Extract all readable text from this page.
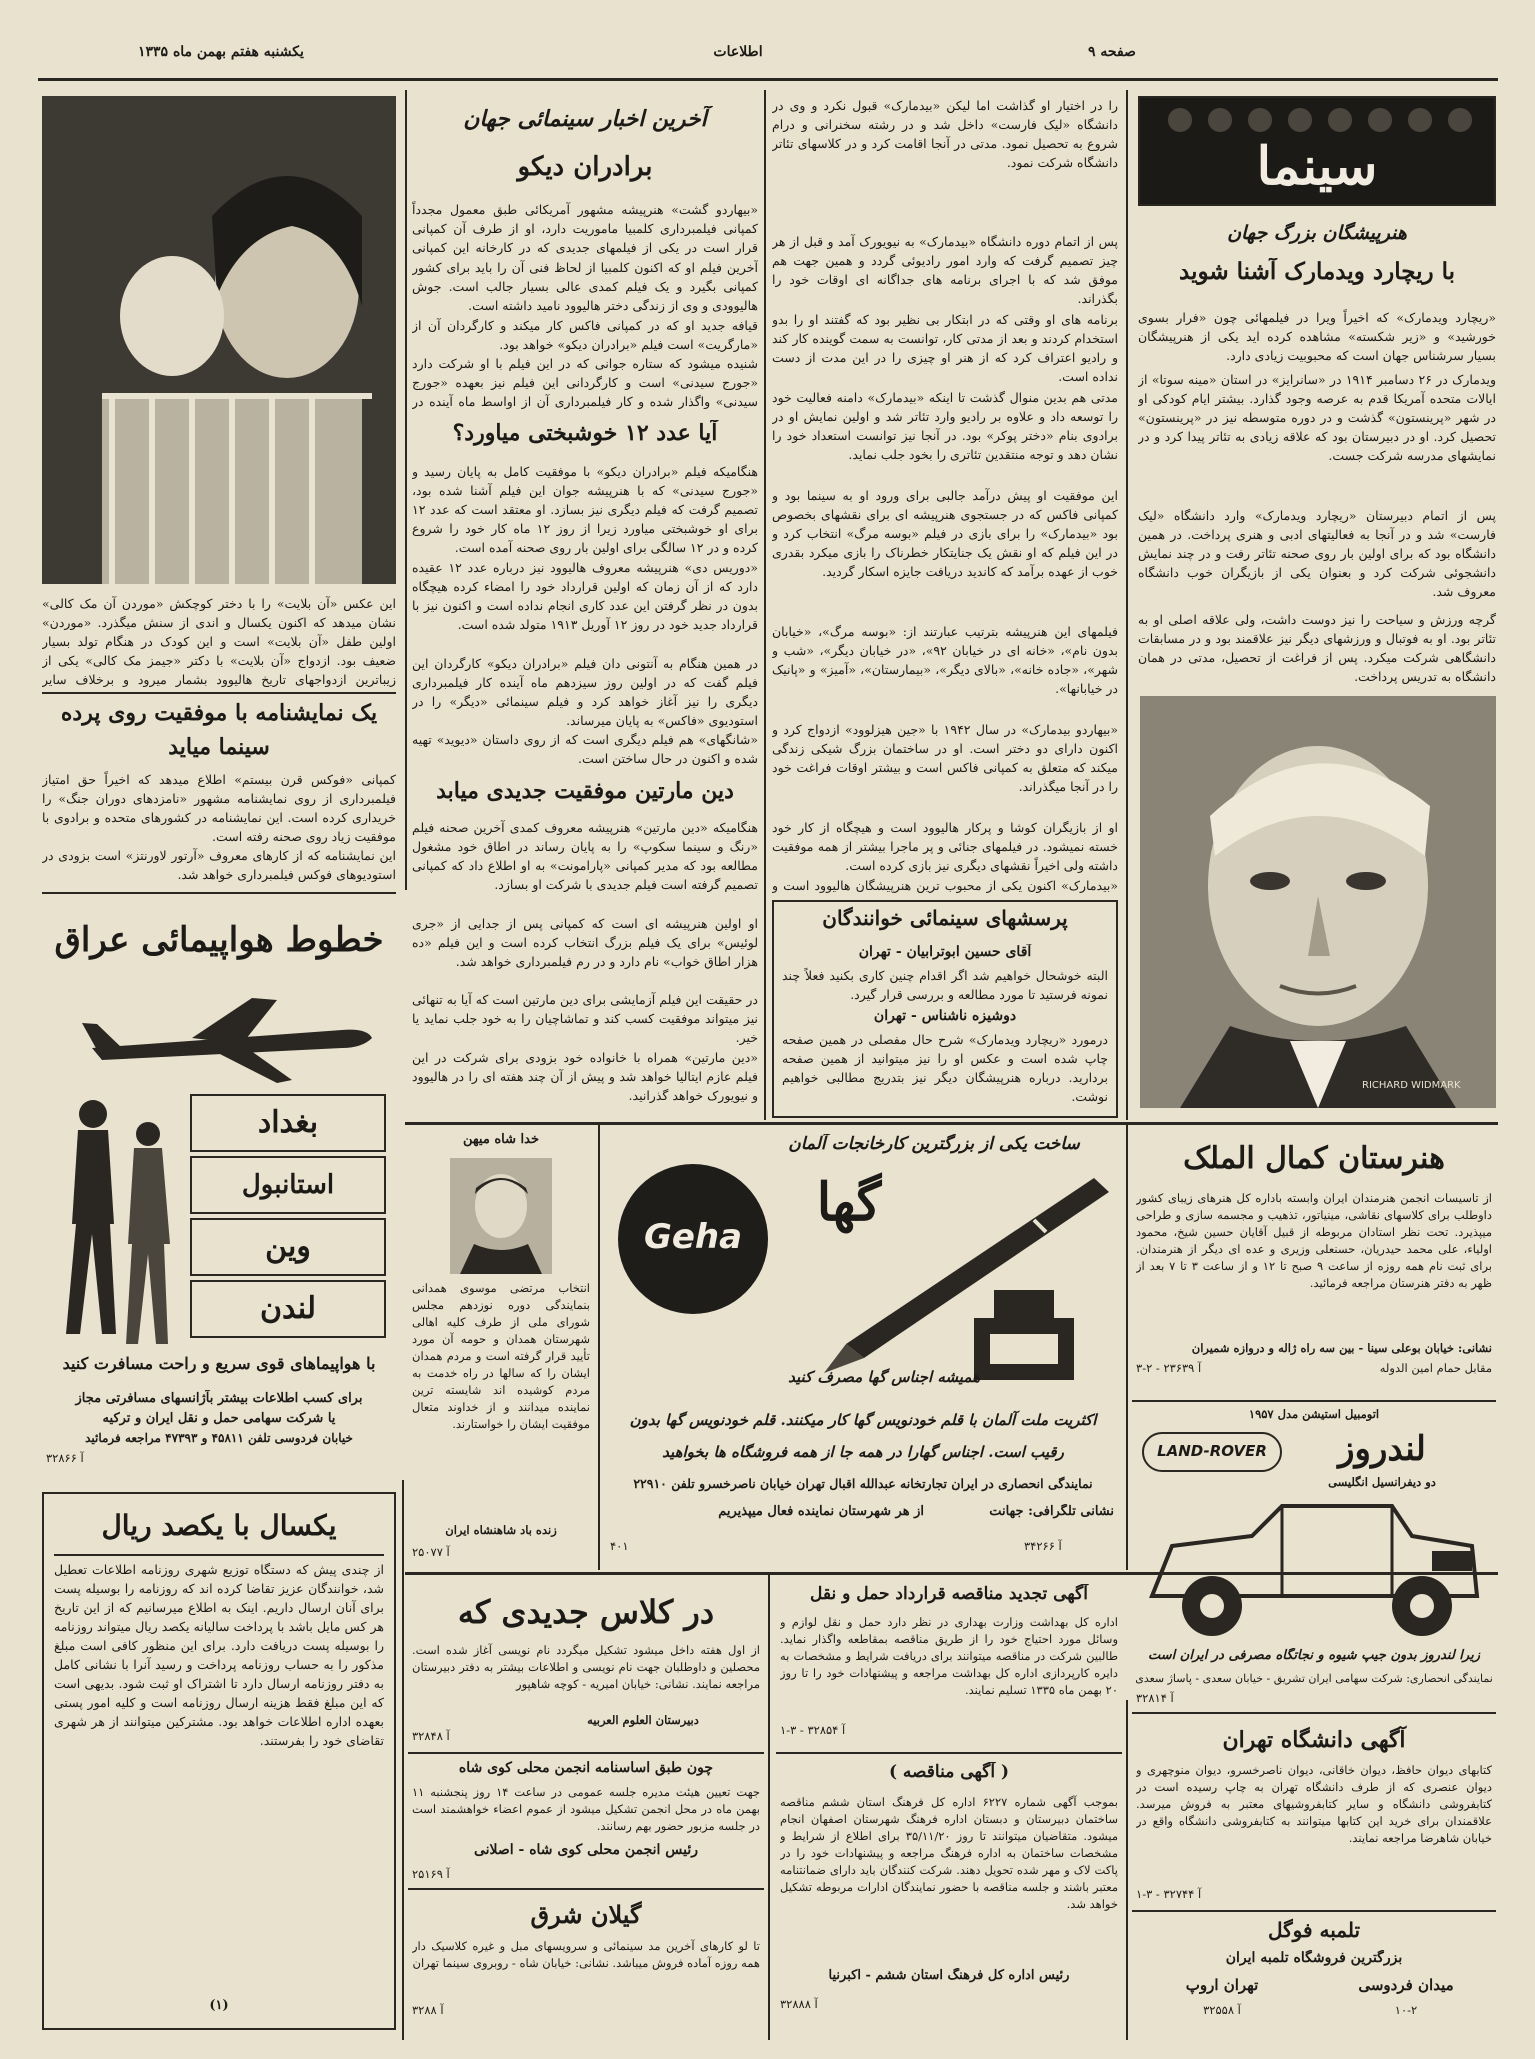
یکشنبه هفتم بهمن ماه ۱۳۳۵	اطلاعات	صفحه ۹
این عکس «آن بلایت» را با دختر کوچکش «موردن آن مک کالی» نشان میدهد که اکنون یکسال و اندی از سنش میگذرد. «موردن» اولین طفل «آن بلایت» است و این کودک در هنگام تولد بسیار ضعیف بود. ازدواج «آن بلایت» با دکتر «جیمز مک کالی» یکی از زیباترین ازدواجهای تاریخ هالیوود بشمار میرود و برخلاف سایر
یک نمایشنامه با موفقیت روی پرده سینما میاید
کمپانی «فوکس قرن بیستم» اطلاع میدهد که اخیراً حق امتیاز فیلمبرداری از روی نمایشنامه مشهور «نامزدهای دوران جنگ» را خریداری کرده است. این نمایشنامه در کشورهای متحده و برادوی با موفقیت زیاد روی صحنه رفته است.
این نمایشنامه که از کارهای معروف «آرتور لاورنتز» است بزودی در استودیوهای فوکس فیلمبرداری خواهد شد.
آخرین اخبار سینمائی جهان
برادران دیکو
«بیهاردو گشت» هنرپیشه مشهور آمریکائی طبق معمول مجدداً کمپانی فیلمبرداری کلمبیا ماموریت دارد، او از طرف آن کمپانی قرار است در یکی از فیلمهای جدیدی که در کارخانه این کمپانی
آخرین فیلم او که اکنون کلمبیا از لحاظ فنی آن را باید برای کشور کمپانی بگیرد و یک فیلم کمدی عالی بسیار جالب است. جوش هالیوودی و وی از زندگی دختر هالیوود نامید داشته است.
قیافه جدید او که در کمپانی فاکس کار میکند و کارگردان آن از «مارگریت» است فیلم «برادران دیکو» خواهد بود.
شنیده میشود که ستاره جوانی که در این فیلم با او شرکت دارد «جورج سیدنی» است و کارگردانی این فیلم نیز بعهده «جورج سیدنی» واگذار شده و کار فیلمبرداری آن از اواسط ماه آینده در
آیا عدد ۱۲ خوشبختی میاورد؟
هنگامیکه فیلم «برادران دیکو» با موفقیت کامل به پایان رسید و «جورج سیدنی» که با هنرپیشه جوان این فیلم آشنا شده بود، تصمیم گرفت که فیلم دیگری نیز بسازد. او معتقد است که عدد ۱۲ برای او خوشبختی میاورد زیرا از روز ۱۲ ماه کار خود را شروع کرده و در ۱۲ سالگی برای اولین بار روی صحنه آمده است.
«دوریس دی» هنرپیشه معروف هالیوود نیز درباره عدد ۱۲ عقیده دارد که از آن زمان که اولین قرارداد خود را امضاء کرده هیچگاه بدون در نظر گرفتن این عدد کاری انجام نداده است و اکنون نیز با قرارداد جدید خود در روز ۱۲ آوریل ۱۹۱۳ متولد شده است.
در همین هنگام به آنتونی دان فیلم «برادران دیکو» کارگردان این فیلم گفت که در اولین روز سیزدهم ماه آینده کار فیلمبرداری دیگری را نیز آغاز خواهد کرد و فیلم سینمائی «دیگر» را در استودیوی «فاکس» به پایان میرساند.
«شانگهای» هم فیلم دیگری است که از روی داستان «دیوید» تهیه شده و اکنون در حال ساختن است.
دین مارتین موفقیت جدیدی میابد
هنگامیکه «دین مارتین» هنرپیشه معروف کمدی آخرین صحنه فیلم «رنگ و سینما سکوپ» را به پایان رساند در اطاق خود مشغول مطالعه بود که مدیر کمپانی «پارامونت» به او اطلاع داد که کمپانی تصمیم گرفته است فیلم جدیدی با شرکت او بسازد.
او اولین هنرپیشه ای است که کمپانی پس از جدایی از «جری لوئیس» برای یک فیلم بزرگ انتخاب کرده است و این فیلم «ده هزار اطاق خواب» نام دارد و در رم فیلمبرداری خواهد شد.
در حقیقت این فیلم آزمایشی برای دین مارتین است که آیا به تنهائی نیز میتواند موفقیت کسب کند و تماشاچیان را به خود جلب نماید یا خیر.
«دین مارتین» همراه با خانواده خود بزودی برای شرکت در این فیلم عازم ایتالیا خواهد شد و پیش از آن چند هفته ای را در هالیوود و نیویورک خواهد گذرانید.
را در اختیار او گذاشت اما لیکن «بیدمارک» قبول نکرد و وی در دانشگاه «لیک فارست» داخل شد و در رشته سخنرانی و درام شروع به تحصیل نمود. مدتی در آنجا اقامت کرد و در کلاسهای تئاتر دانشگاه شرکت نمود.
پس از اتمام دوره دانشگاه «بیدمارک» به نیویورک آمد و قبل از هر چیز تصمیم گرفت که وارد امور رادیوئی گردد و همین جهت هم موفق شد که با اجرای برنامه های جداگانه ای اوقات خود را بگذراند.
برنامه های او وقتی که در ابتکار بی نظیر بود که گفتند او را بدو استخدام کردند و بعد از مدتی کار، توانست به سمت گوینده کار کند و رادیو اعتراف کرد که از هنر او چیزی را در این مدت از دست نداده است.
مدتی هم بدین منوال گذشت تا اینکه «بیدمارک» دامنه فعالیت خود را توسعه داد و علاوه بر رادیو وارد تئاتر شد و اولین نمایش او در برادوی بنام «دختر پوکر» بود. در آنجا نیز توانست استعداد خود را نشان دهد و توجه منتقدین تئاتری را بخود جلب نماید.
این موفقیت او پیش درآمد جالبی برای ورود او به سینما بود و کمپانی فاکس که در جستجوی هنرپیشه ای برای نقشهای بخصوص بود «بیدمارک» را برای بازی در فیلم «بوسه مرگ» انتخاب کرد و در این فیلم که او نقش یک جنایتکار خطرناک را بازی میکرد بقدری خوب از عهده برآمد که کاندید دریافت جایزه اسکار گردید.
فیلمهای این هنرپیشه بترتیب عبارتند از: «بوسه مرگ»، «خیابان بدون نام»، «خانه ای در خیابان ۹۲»، «در خیابان دیگر»، «شب و شهر»، «جاده خانه»، «بالای دیگر»، «بیمارستان»، «آمیز» و «پانیک در خیابانها».
«بیهاردو بیدمارک» در سال ۱۹۴۲ با «جین هیزلوود» ازدواج کرد و اکنون دارای دو دختر است. او در ساختمان بزرگ شیکی زندگی میکند که متعلق به کمپانی فاکس است و بیشتر اوقات فراغت خود را در آنجا میگذراند.
او از بازیگران کوشا و پرکار هالیوود است و هیچگاه از کار خود خسته نمیشود. در فیلمهای جنائی و پر ماجرا بیشتر از همه موفقیت داشته ولی اخیراً نقشهای دیگری نیز بازی کرده است.
«بیدمارک» اکنون یکی از محبوب ترین هنرپیشگان هالیوود است و
پرسشهای سینمائی خوانندگان
آقای حسین ابوترابیان - تهران
البته خوشحال خواهیم شد اگر اقدام چنین کاری بکنید فعلاً چند نمونه فرستید تا مورد مطالعه و بررسی قرار گیرد.
دوشیزه ناشناس - تهران
درمورد «ریچارد ویدمارک» شرح حال مفصلی در همین صفحه چاپ شده است و عکس او را نیز میتوانید از همین صفحه بردارید. درباره هنرپیشگان دیگر نیز بتدریج مطالبی خواهیم نوشت.
سینما
هنرپیشگان بزرگ جهان
با ریچارد ویدمارک آشنا شوید
«ریچارد ویدمارک» که اخیراً ویرا در فیلمهائی چون «فرار بسوی خورشید» و «زیر شکسته» مشاهده کرده اید یکی از هنرپیشگان بسیار سرشناس جهان است که محبوبیت زیادی دارد.
ویدمارک در ۲۶ دسامبر ۱۹۱۴ در «سانرایز» در استان «مینه سوتا» از ایالات متحده آمریکا قدم به عرصه وجود گذارد. بیشتر ایام کودکی او در شهر «پرینستون» گذشت و در دوره متوسطه نیز در «پرینستون» تحصیل کرد. او در دبیرستان بود که علاقه زیادی به تئاتر پیدا کرد و در نمایشهای مدرسه شرکت جست.
پس از اتمام دبیرستان «ریچارد ویدمارک» وارد دانشگاه «لیک فارست» شد و در آنجا به فعالیتهای ادبی و هنری پرداخت. در همین دانشگاه بود که برای اولین بار روی صحنه تئاتر رفت و در چند نمایش دانشجوئی شرکت کرد و بعنوان یکی از بازیگران خوب دانشگاه معروف شد.
گرچه ورزش و سیاحت را نیز دوست داشت، ولی علاقه اصلی او به تئاتر بود. او به فوتبال و ورزشهای دیگر نیز علاقمند بود و در مسابقات دانشگاهی شرکت میکرد. پس از فراغت از تحصیل، مدتی در همان دانشگاه به تدریس پرداخت.
RICHARD WIDMARK
خطوط هواپیمائی عراق
بغداد
استانبول
وین
لندن
با هواپیماهای قوی سریع و راحت مسافرت کنید
برای کسب اطلاعات بیشتر بآژانسهای مسافرتی مجاز
یا شرکت سهامی حمل و نقل ایران و ترکیه
خیابان فردوسی تلفن ۴۵۸۱۱ و ۴۷۳۹۳ مراجعه فرمائید
آ ۳۲۸۶۶
خدا شاه میهن
انتخاب مرتضی موسوی همدانی بنمایندگی دوره نوزدهم مجلس شورای ملی از طرف کلیه اهالی شهرستان همدان و حومه آن مورد تأیید قرار گرفته است و مردم همدان ایشان را که سالها در راه خدمت به مردم کوشیده اند شایسته ترین نماینده میدانند و از خداوند متعال موفقیت ایشان را خواستارند.
زنده باد شاهنشاه ایران
آ ۲۵۰۷۷
ساخت یکی از بزرگترین کارخانجات آلمان
Geha
گها
همیشه اجناس گها مصرف کنید
اکثریت ملت آلمان با قلم خودنویس گها کار میکنند. قلم خودنویس گها بدون
رقیب است. اجناس گهارا در همه جا از همه فروشگاه ها بخواهید
نمایندگی انحصاری در ایران تجارتخانه عبدالله اقبال تهران خیابان ناصرخسرو تلفن ۲۲۹۱۰
نشانی تلگرافی: جهانت
از هر شهرستان نماینده فعال میپذیریم
۴۰۱	آ ۳۴۲۶۶
هنرستان کمال الملک
از تاسیسات انجمن هنرمندان ایران وابسته باداره کل هنرهای زیبای کشور داوطلب برای کلاسهای نقاشی، مینیاتور، تذهیب و مجسمه سازی و طراحی میپذیرد. تحت نظر استادان مربوطه از قبیل آقایان حسین شیخ، محمود اولیاء، علی محمد حیدریان، حسنعلی وزیری و عده ای دیگر از هنرمندان. برای ثبت نام همه روزه از ساعت ۹ صبح تا ۱۲ و از ساعت ۳ تا ۷ بعد از ظهر به دفتر هنرستان مراجعه فرمائید.
نشانی: خیابان بوعلی سینا - بین سه راه ژاله و دروازه شمیران
مقابل حمام امین الدوله
آ ۲۳۶۳۹ - ۲-۳
اتومبیل استیشن مدل ۱۹۵۷
لندروز
LAND-ROVER
دو دیفرانسیل انگلیسی
زیرا لندروز بدون جیپ شیوه و نجاتگاه مصرفی در ایران است
نمایندگی انحصاری: شرکت سهامی ایران تشریق - خیابان سعدی - پاساژ سعدی
آ ۳۲۸۱۴
یکسال با یکصد ریال
از چندی پیش که دستگاه توزیع شهری روزنامه اطلاعات تعطیل شد، خوانندگان عزیز تقاضا کرده اند که روزنامه را بوسیله پست برای آنان ارسال داریم. اینک به اطلاع میرسانیم که از این تاریخ هر کس مایل باشد با پرداخت سالیانه یکصد ریال میتواند روزنامه را بوسیله پست دریافت دارد. برای این منظور کافی است مبلغ مذکور را به حساب روزنامه پرداخت و رسید آنرا با نشانی کامل به دفتر روزنامه ارسال دارد تا اشتراک او ثبت شود. بدیهی است که این مبلغ فقط هزینه ارسال روزنامه است و کلیه امور پستی بعهده اداره اطلاعات خواهد بود. مشترکین میتوانند از هر شهری تقاضای خود را بفرستند.
(۱)
در کلاس جدیدی که
از اول هفته داخل میشود تشکیل میگردد نام نویسی آغاز شده است. محصلین و داوطلبان جهت نام نویسی و اطلاعات بیشتر به دفتر دبیرستان مراجعه نمایند. نشانی: خیابان امیریه - کوچه شاهپور
دبیرستان العلوم العربیه
آ ۳۲۸۴۸
چون طبق اساسنامه انجمن محلی کوی شاه
جهت تعیین هیئت مدیره جلسه عمومی در ساعت ۱۴ روز پنجشنبه ۱۱ بهمن ماه در محل انجمن تشکیل میشود از عموم اعضاء خواهشمند است در جلسه مزبور حضور بهم رسانند.
رئیس انجمن محلی کوی شاه - اصلانی
آ ۲۵۱۶۹
گیلان شرق
تا لو کارهای آخرین مد سینمائی و سرویسهای مبل و غیره کلاسیک دار همه روزه آماده فروش میباشد. نشانی: خیابان شاه - روبروی سینما تهران
آ ۳۲۸۸
آگهی تجدید مناقصه قرارداد حمل و نقل
اداره کل بهداشت وزارت بهداری در نظر دارد حمل و نقل لوازم و وسائل مورد احتیاج خود را از طریق مناقصه بمقاطعه واگذار نماید. طالبین شرکت در مناقصه میتوانند برای دریافت شرایط و مشخصات به دایره کارپردازی اداره کل بهداشت مراجعه و پیشنهادات خود را تا روز ۲۰ بهمن ماه ۱۳۳۵ تسلیم نمایند.
آ ۳۲۸۵۴ - ۳-۱
( آگهی مناقصه )
بموجب آگهی شماره ۶۲۲۷ اداره کل فرهنگ استان ششم مناقصه ساختمان دبیرستان و دبستان اداره فرهنگ شهرستان اصفهان انجام میشود. متقاضیان میتوانند تا روز ۳۵/۱۱/۲۰ برای اطلاع از شرایط و مشخصات ساختمان به اداره فرهنگ مراجعه و پیشنهادات خود را در پاکت لاک و مهر شده تحویل دهند. شرکت کنندگان باید دارای ضمانتنامه معتبر باشند و جلسه مناقصه با حضور نمایندگان ادارات مربوطه تشکیل خواهد شد.
رئیس اداره کل فرهنگ استان ششم - اکبرنیا
آ ۳۲۸۸۸
آگهی دانشگاه تهران
کتابهای دیوان حافظ، دیوان خاقانی، دیوان ناصرخسرو، دیوان منوچهری و دیوان عنصری که از طرف دانشگاه تهران به چاپ رسیده است در کتابفروشی دانشگاه و سایر کتابفروشیهای معتبر به فروش میرسد. علاقمندان برای خرید این کتابها میتوانند به کتابفروشی دانشگاه واقع در خیابان شاهرضا مراجعه نمایند.
آ ۳۲۷۴۴ - ۳-۱
تلمبه فوگل
بزرگترین فروشگاه تلمبه ایران
تهران اروپ	میدان فردوسی
آ ۳۲۵۵۸	۱۰-۲
